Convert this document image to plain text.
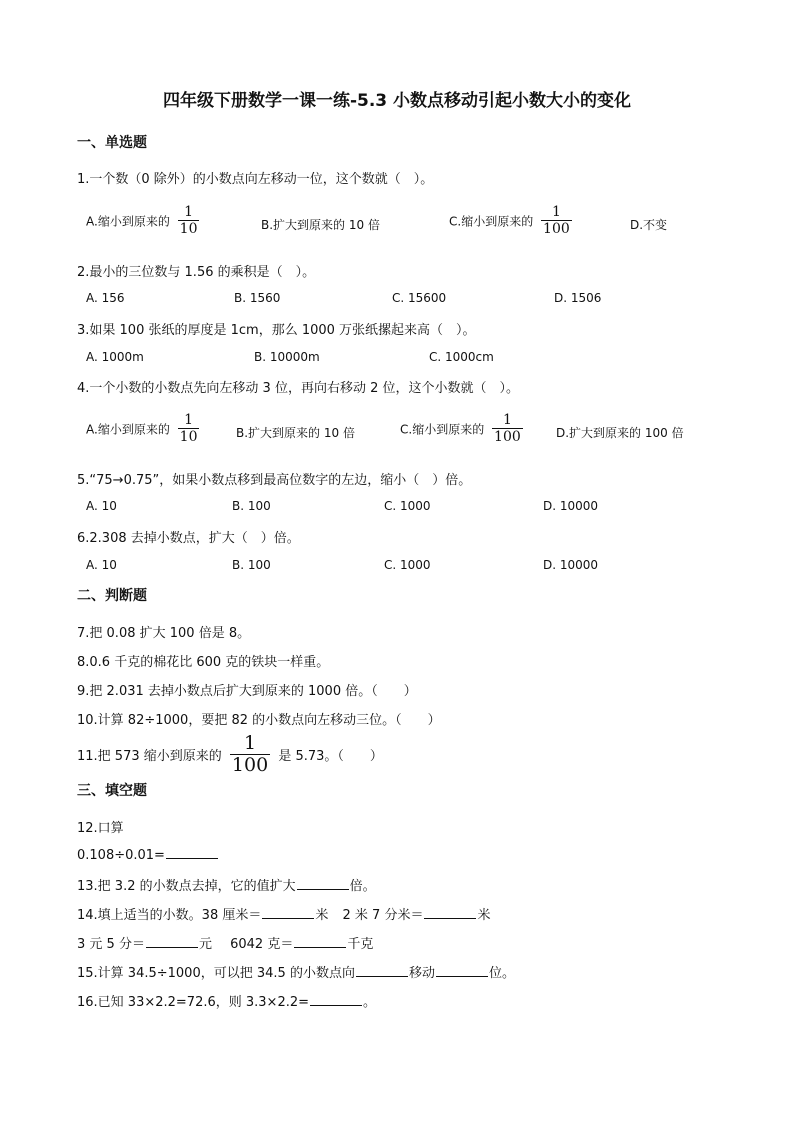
四年级下册数学一课一练-5.3 小数点移动引起小数大小的变化
一、单选题
1.一个数（0 除外）的小数点向左移动一位，这个数就（　）。
A.缩小到原来的 $\frac{1}{10}$	B.扩大到原来的 10 倍	C.缩小到原来的 $\frac{1}{100}$	D.不变
2.最小的三位数与 1.56 的乘积是（　）。
A. 156	B. 1560	C. 15600	D. 1506
3.如果 100 张纸的厚度是 1cm，那么 1000 万张纸摞起来高（　）。
A. 1000m	B. 10000m	C. 1000cm
4.一个小数的小数点先向左移动 3 位，再向右移动 2 位，这个小数就（　）。
A.缩小到原来的 $\frac{1}{10}$	B.扩大到原来的 10 倍	C.缩小到原来的 $\frac{1}{100}$	D.扩大到原来的 100 倍
5.“75→0.75”，如果小数点移到最高位数字的左边，缩小（　）倍。
A. 10	B. 100	C. 1000	D. 10000
6.2.308 去掉小数点，扩大（　）倍。
A. 10	B. 100	C. 1000	D. 10000
二、判断题
7.把 0.08 扩大 100 倍是 8。
8.0.6 千克的棉花比 600 克的铁块一样重。
9.把 2.031 去掉小数点后扩大到原来的 1000 倍。（　　）
10.计算 82÷1000，要把 82 的小数点向左移动三位。（　　）
11.把 573 缩小到原来的 $\frac{1}{100}$ 是 5.73。（　　）
三、填空题
12.口算
0.108÷0.01=
13.把 3.2 的小数点去掉，它的值扩大	倍。
14.填上适当的小数。38 厘米＝	米 2 米 7 分米＝	米
3 元 5 分＝	元 6042 克＝	千克
15.计算 34.5÷1000，可以把 34.5 的小数点向	移动	位。
16.已知 33×2.2=72.6，则 3.3×2.2=	。
